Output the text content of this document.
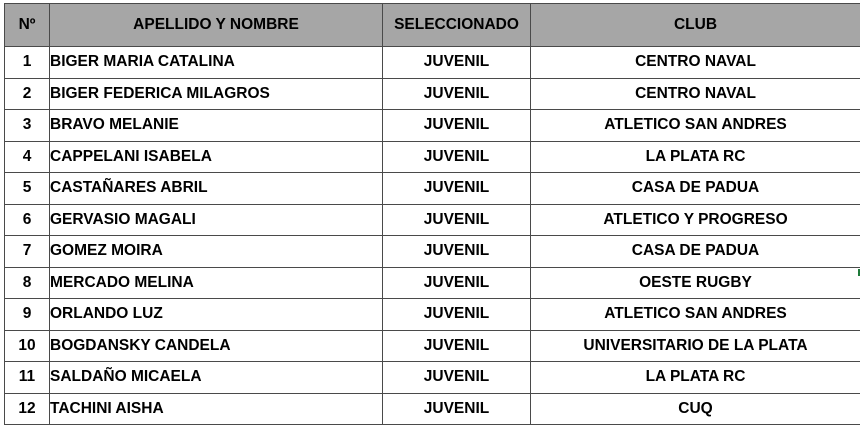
Nº	APELLIDO Y NOMBRE	SELECCIONADO	CLUB
1	BIGER MARIA CATALINA	JUVENIL	CENTRO NAVAL
2	BIGER FEDERICA MILAGROS	JUVENIL	CENTRO NAVAL
3	BRAVO MELANIE	JUVENIL	ATLETICO SAN ANDRES
4	CAPPELANI ISABELA	JUVENIL	LA PLATA RC
5	CASTAÑARES ABRIL	JUVENIL	CASA DE PADUA
6	GERVASIO MAGALI	JUVENIL	ATLETICO Y PROGRESO
7	GOMEZ MOIRA	JUVENIL	CASA DE PADUA
8	MERCADO MELINA	JUVENIL	OESTE RUGBY
9	ORLANDO LUZ	JUVENIL	ATLETICO SAN ANDRES
10	BOGDANSKY CANDELA	JUVENIL	UNIVERSITARIO DE LA PLATA
11	SALDAÑO MICAELA	JUVENIL	LA PLATA RC
12	TACHINI AISHA	JUVENIL	CUQ
